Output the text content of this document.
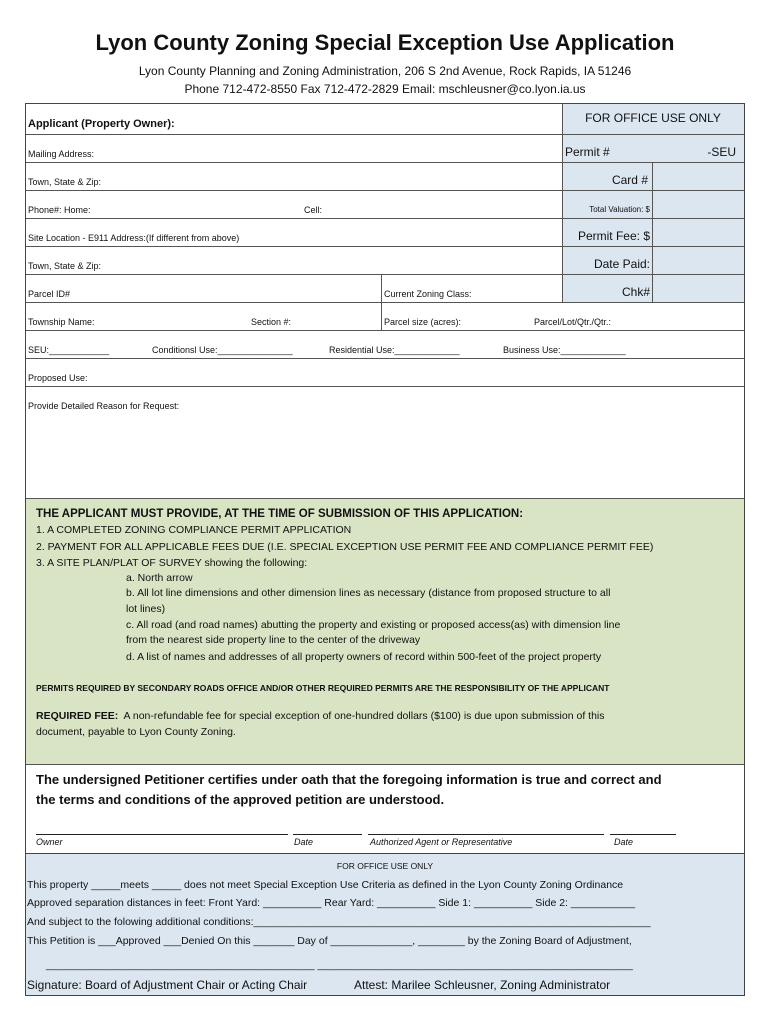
Lyon County Zoning Special Exception Use Application
Lyon County Planning and Zoning Administration, 206 S 2nd Avenue, Rock Rapids, IA 51246
Phone 712-472-8550 Fax 712-472-2829 Email: mschleusner@co.lyon.ia.us
Applicant (Property Owner):
Mailing Address:
Town, State & Zip:
Phone#: Home:	Cell:
Site Location - E911 Address:(If different from above)
Town, State & Zip:
Parcel ID#	Current Zoning Class:
Township Name:	Section #:	Parcel size (acres):	Parcel/Lot/Qtr./Qtr.:
SEU:____________	Conditionsl Use:_______________	Residential Use:_____________	Business Use:_____________
Proposed Use:
Provide Detailed Reason for Request:
FOR OFFICE USE ONLY
Permit #	-SEU
Card #
Total Valuation: $
Permit Fee: $
Date Paid:
Chk#
THE APPLICANT MUST PROVIDE, AT THE TIME OF SUBMISSION OF THIS APPLICATION:
1. A COMPLETED ZONING COMPLIANCE PERMIT APPLICATION
2. PAYMENT FOR ALL APPLICABLE FEES DUE (I.E. SPECIAL EXCEPTION USE PERMIT FEE AND COMPLIANCE PERMIT FEE)
3. A SITE PLAN/PLAT OF SURVEY showing the following:
a. North arrow
b. All lot line dimensions and other dimension lines as necessary (distance from proposed structure to all
lot lines)
c. All road (and road names) abutting the property and existing or proposed access(as) with dimension line
from the nearest side property line to the center of the driveway
d. A list of names and addresses of all property owners of record within 500-feet of the project property
PERMITS REQUIRED BY SECONDARY ROADS OFFICE AND/OR OTHER REQUIRED PERMITS ARE THE RESPONSIBILITY OF THE APPLICANT
REQUIRED FEE: A non-refundable fee for special exception of one-hundred dollars ($100) is due upon submission of this
document, payable to Lyon County Zoning.
The undersigned Petitioner certifies under oath that the foregoing information is true and correct and
the terms and conditions of the approved petition are understood.
Owner	Date	Authorized Agent or Representative	Date
FOR OFFICE USE ONLY
This property _____meets _____ does not meet Special Exception Use Criteria as defined in the Lyon County Zoning Ordinance
Approved separation distances in feet: Front Yard: __________ Rear Yard: __________ Side 1: __________ Side 2: ___________
And subject to the folowing additional conditions:____________________________________________________________________
This Petition is ___Approved ___Denied On this _______ Day of ______________, ________ by the Zoning Board of Adjustment,
______________________________________________ ______________________________________________________
Signature: Board of Adjustment Chair or Acting Chair	Attest: Marilee Schleusner, Zoning Administrator
